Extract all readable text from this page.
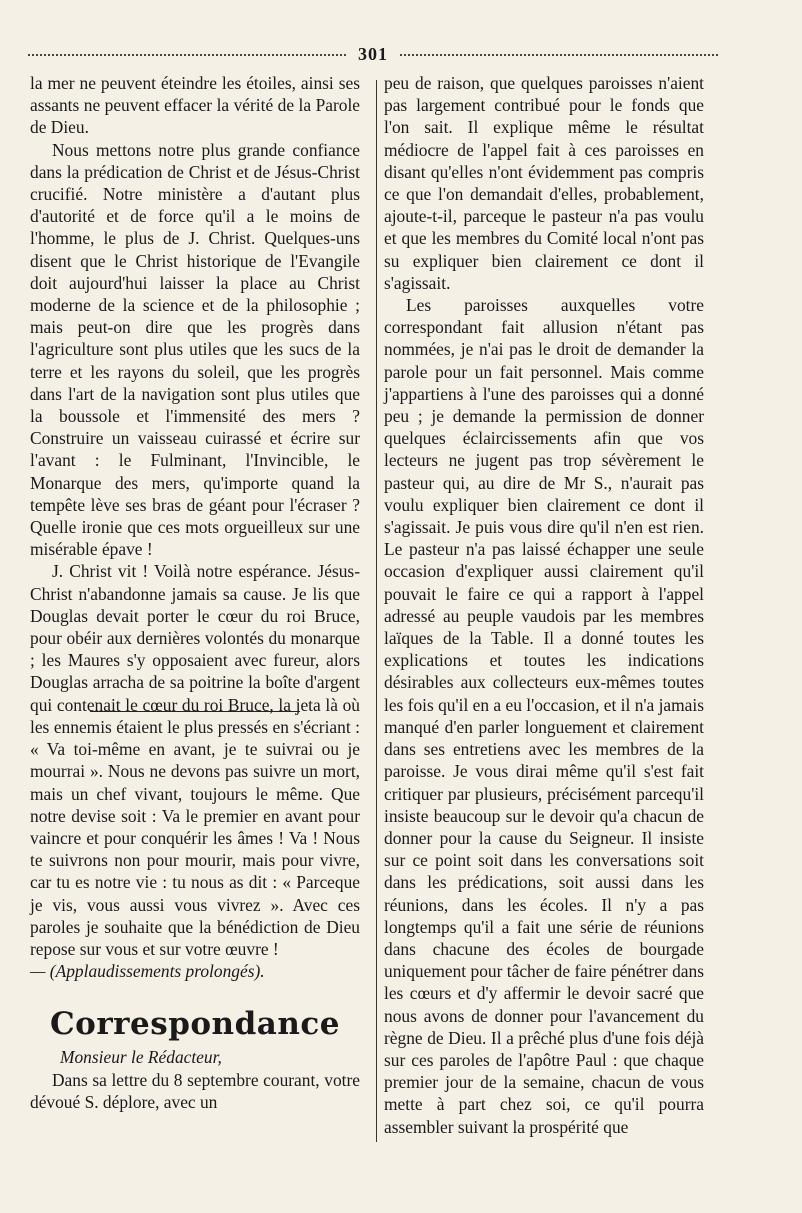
301

la mer ne peuvent éteindre les étoiles, ainsi ses assants ne peuvent effacer la vérité de la Parole de Dieu.

Nous mettons notre plus grande confiance dans la prédication de Christ et de Jésus-Christ crucifié. Notre ministère a d'autant plus d'autorité et de force qu'il a le moins de l'homme, le plus de J. Christ. Quelques-uns disent que le Christ historique de l'Evangile doit aujourd'hui laisser la place au Christ moderne de la science et de la philosophie ; mais peut-on dire que les progrès dans l'agriculture sont plus utiles que les sucs de la terre et les rayons du soleil, que les progrès dans l'art de la navigation sont plus utiles que la boussole et l'immensité des mers ? Construire un vaisseau cuirassé et écrire sur l'avant : le Fulminant, l'Invincible, le Monarque des mers, qu'importe quand la tempête lève ses bras de géant pour l'écraser ? Quelle ironie que ces mots orgueilleux sur une misérable épave !

J. Christ vit ! Voilà notre espérance. Jésus-Christ n'abandonne jamais sa cause. Je lis que Douglas devait porter le cœur du roi Bruce, pour obéir aux dernières volontés du monarque ; les Maures s'y opposaient avec fureur, alors Douglas arracha de sa poitrine la boîte d'argent qui contenait le cœur du roi Bruce, la jeta là où les ennemis étaient le plus pressés en s'écriant : « Va toi-même en avant, je te suivrai ou je mourrai ». Nous ne devons pas suivre un mort, mais un chef vivant, toujours le même. Que notre devise soit : Va le premier en avant pour vaincre et pour conquérir les âmes ! Va ! Nous te suivrons non pour mourir, mais pour vivre, car tu es notre vie : tu nous as dit : « Parceque je vis, vous aussi vous vivrez ». Avec ces paroles je souhaite que la bénédiction de Dieu repose sur vous et sur votre œuvre !

— (Applaudissements prolongés).

Correspondance

Monsieur le Rédacteur,

Dans sa lettre du 8 septembre courant, votre dévoué S. déplore, avec un

peu de raison, que quelques paroisses n'aient pas largement contribué pour le fonds que l'on sait. Il explique même le résultat médiocre de l'appel fait à ces paroisses en disant qu'elles n'ont évidemment pas compris ce que l'on demandait d'elles, probablement, ajoute-t-il, parceque le pasteur n'a pas voulu et que les membres du Comité local n'ont pas su expliquer bien clairement ce dont il s'agissait.

Les paroisses auxquelles votre correspondant fait allusion n'étant pas nommées, je n'ai pas le droit de demander la parole pour un fait personnel. Mais comme j'appartiens à l'une des paroisses qui a donné peu ; je demande la permission de donner quelques éclaircissements afin que vos lecteurs ne jugent pas trop sévèrement le pasteur qui, au dire de Mr S., n'aurait pas voulu expliquer bien clairement ce dont il s'agissait. Je puis vous dire qu'il n'en est rien. Le pasteur n'a pas laissé échapper une seule occasion d'expliquer aussi clairement qu'il pouvait le faire ce qui a rapport à l'appel adressé au peuple vaudois par les membres laïques de la Table. Il a donné toutes les explications et toutes les indications désirables aux collecteurs eux-mêmes toutes les fois qu'il en a eu l'occasion, et il n'a jamais manqué d'en parler longuement et clairement dans ses entretiens avec les membres de la paroisse. Je vous dirai même qu'il s'est fait critiquer par plusieurs, précisément parcequ'il insiste beaucoup sur le devoir qu'a chacun de donner pour la cause du Seigneur. Il insiste sur ce point soit dans les conversations soit dans les prédications, soit aussi dans les réunions, dans les écoles. Il n'y a pas longtemps qu'il a fait une série de réunions dans chacune des écoles de bourgade uniquement pour tâcher de faire pénétrer dans les cœurs et d'y affermir le devoir sacré que nous avons de donner pour l'avancement du règne de Dieu. Il a prêché plus d'une fois déjà sur ces paroles de l'apôtre Paul : que chaque premier jour de la semaine, chacun de vous mette à part chez soi, ce qu'il pourra assembler suivant la prospérité que
